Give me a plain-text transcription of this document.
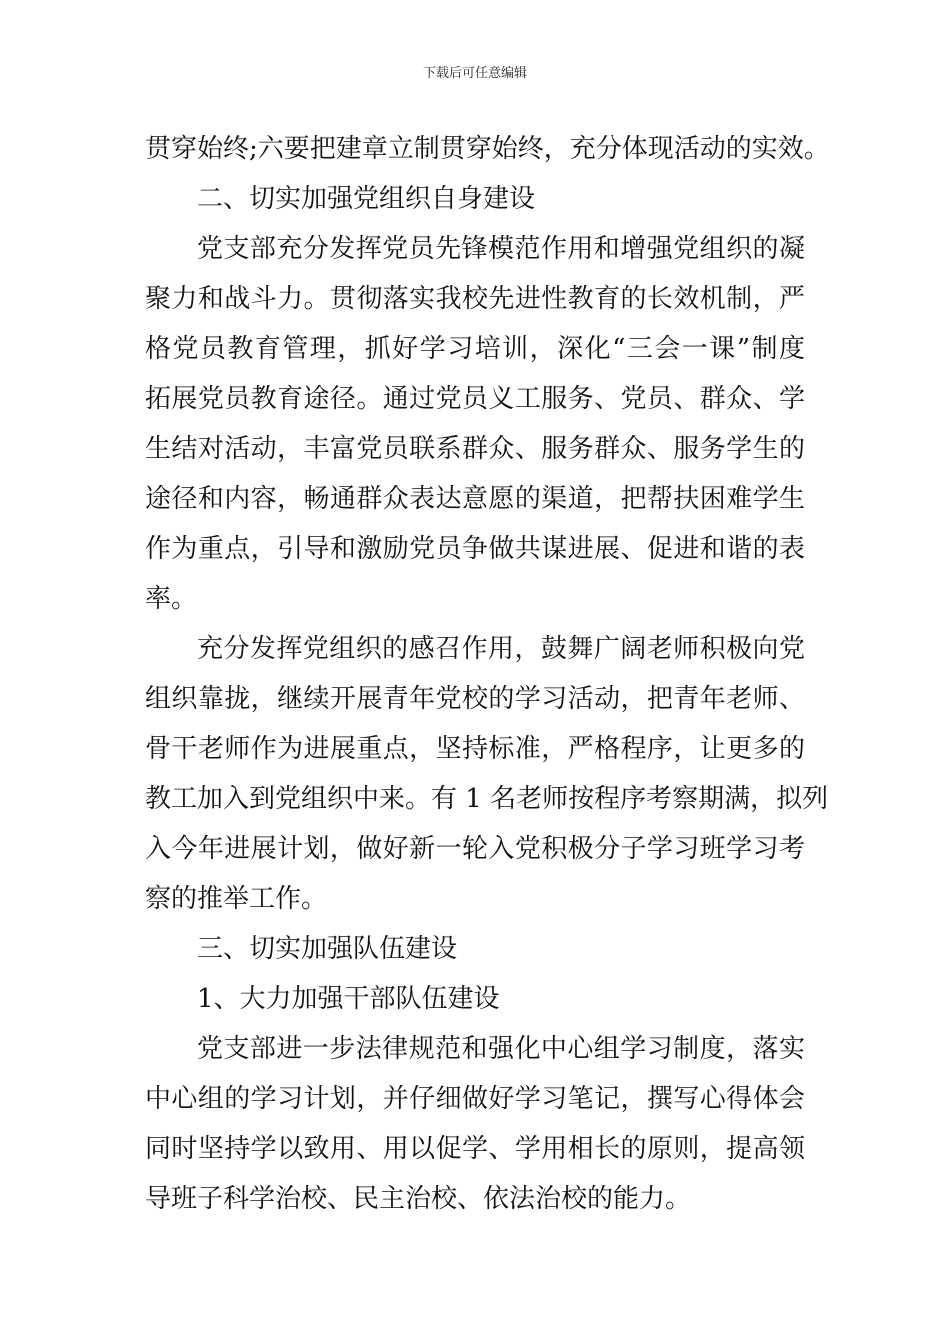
下载后可任意编辑
贯穿始终;六要把建章立制贯穿始终，充分体现活动的实效。
二、切实加强党组织自身建设
党支部充分发挥党员先锋模范作用和增强党组织的凝
聚力和战斗力。贯彻落实我校先进性教育的长效机制，严
格党员教育管理，抓好学习培训，深化“三会一课”制度
拓展党员教育途径。通过党员义工服务、党员、群众、学
生结对活动，丰富党员联系群众、服务群众、服务学生的
途径和内容，畅通群众表达意愿的渠道，把帮扶困难学生
作为重点，引导和激励党员争做共谋进展、促进和谐的表
率。
充分发挥党组织的感召作用，鼓舞广阔老师积极向党
组织靠拢，继续开展青年党校的学习活动，把青年老师、
骨干老师作为进展重点，坚持标准，严格程序，让更多的
教工加入到党组织中来。有 1 名老师按程序考察期满，拟列
入今年进展计划，做好新一轮入党积极分子学习班学习考
察的推举工作。
三、切实加强队伍建设
1、大力加强干部队伍建设
党支部进一步法律规范和强化中心组学习制度，落实
中心组的学习计划，并仔细做好学习笔记，撰写心得体会
同时坚持学以致用、用以促学、学用相长的原则，提高领
导班子科学治校、民主治校、依法治校的能力。
